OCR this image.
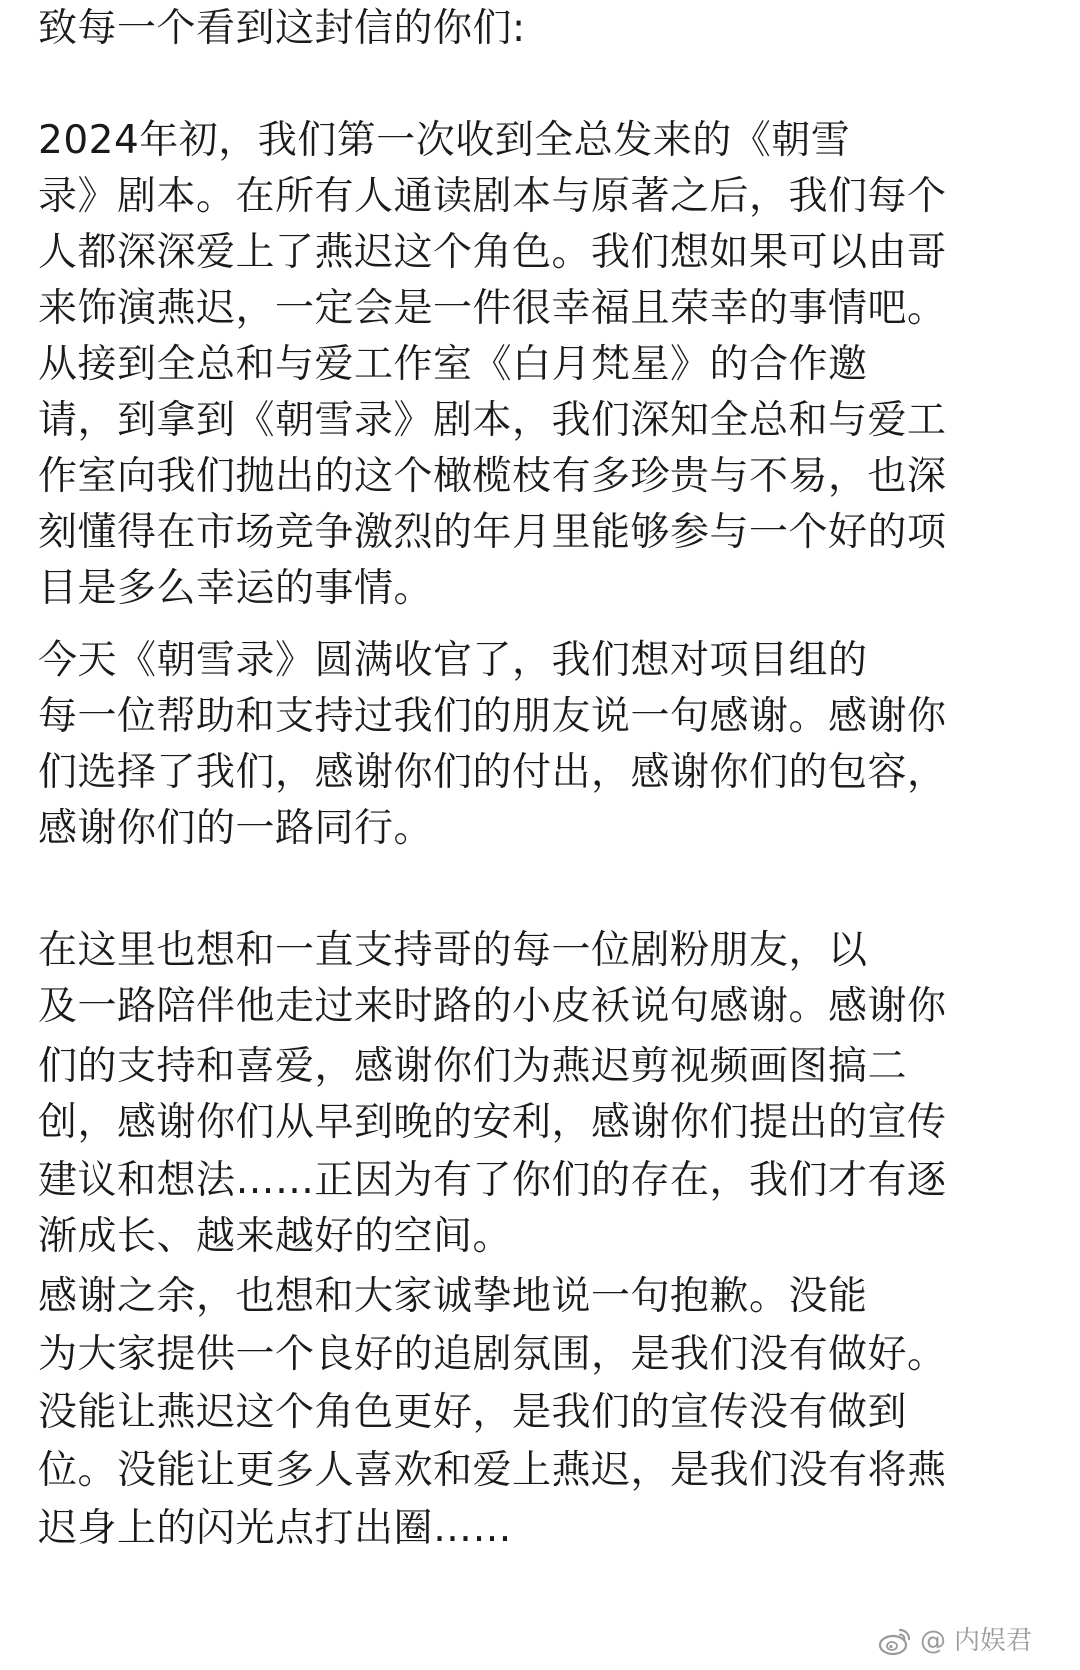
致每一个看到这封信的你们:
2024年初，我们第一次收到全总发来的《朝雪
录》剧本。在所有人通读剧本与原著之后，我们每个
人都深深爱上了燕迟这个角色。我们想如果可以由哥
来饰演燕迟，一定会是一件很幸福且荣幸的事情吧。
从接到全总和与爱工作室《白月梵星》的合作邀
请，到拿到《朝雪录》剧本，我们深知全总和与爱工
作室向我们抛出的这个橄榄枝有多珍贵与不易，也深
刻懂得在市场竞争激烈的年月里能够参与一个好的项
目是多么幸运的事情。
今天《朝雪录》圆满收官了，我们想对项目组的
每一位帮助和支持过我们的朋友说一句感谢。感谢你
们选择了我们，感谢你们的付出，感谢你们的包容，
感谢你们的一路同行。
在这里也想和一直支持哥的每一位剧粉朋友，以
及一路陪伴他走过来时路的小皮袄说句感谢。感谢你
们的支持和喜爱，感谢你们为燕迟剪视频画图搞二
创，感谢你们从早到晚的安利，感谢你们提出的宣传
建议和想法……正因为有了你们的存在，我们才有逐
渐成长、越来越好的空间。
感谢之余，也想和大家诚挚地说一句抱歉。没能
为大家提供一个良好的追剧氛围，是我们没有做好。
没能让燕迟这个角色更好，是我们的宣传没有做到
位。没能让更多人喜欢和爱上燕迟，是我们没有将燕
迟身上的闪光点打出圈……
@ 内娱君
